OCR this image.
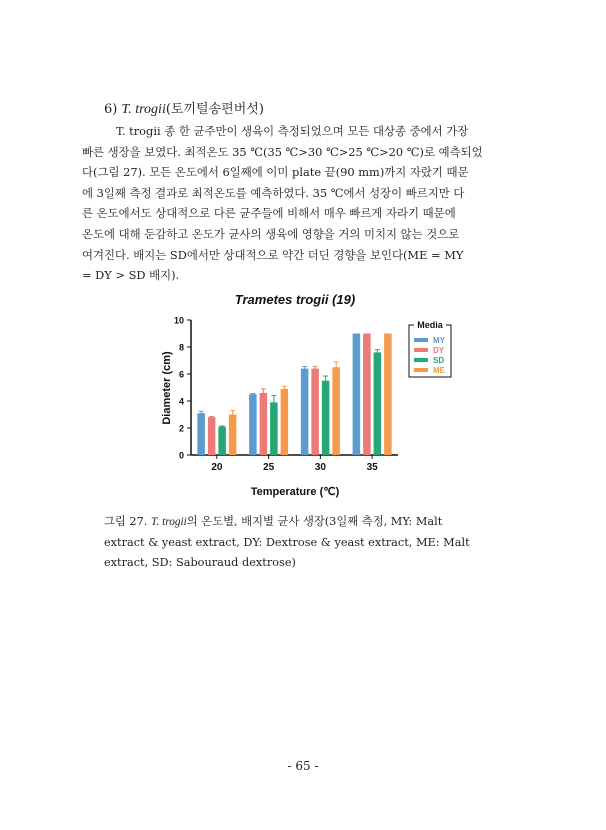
6) T. trogii(토끼털송편버섯)
T. trogii 종 한 균주만이 생육이 측정되었으며 모든 대상종 중에서 가장
빠른 생장을 보였다. 최적온도 35 ℃(35 ℃>30 ℃>25 ℃>20 ℃)로 예측되었
다(그림 27). 모든 온도에서 6일째에 이미 plate 끝(90 mm)까지 자랐기 때문
에 3일째 측정 결과로 최적온도를 예측하였다. 35 ℃에서 성장이 빠르지만 다
른 온도에서도 상대적으로 다른 균주들에 비해서 매우 빠르게 자라기 때문에
온도에 대해 둔감하고 온도가 균사의 생육에 영향을 거의 미치지 않는 것으로
여겨진다. 배지는 SD에서만 상대적으로 약간 더딘 경향을 보인다(ME = MY
= DY > SD 배지).
Trametes trogii (19)
Diameter (cm)
Temperature (℃)
0
2
4
6
8
10
20	25	30	35
Media
MY
DY
SD
ME
그림 27. T. trogii의 온도별, 배지별 균사 생장(3일째 측정, MY: Malt
extract & yeast extract, DY: Dextrose & yeast extract, ME: Malt
extract, SD: Sabouraud dextrose)
- 65 -
